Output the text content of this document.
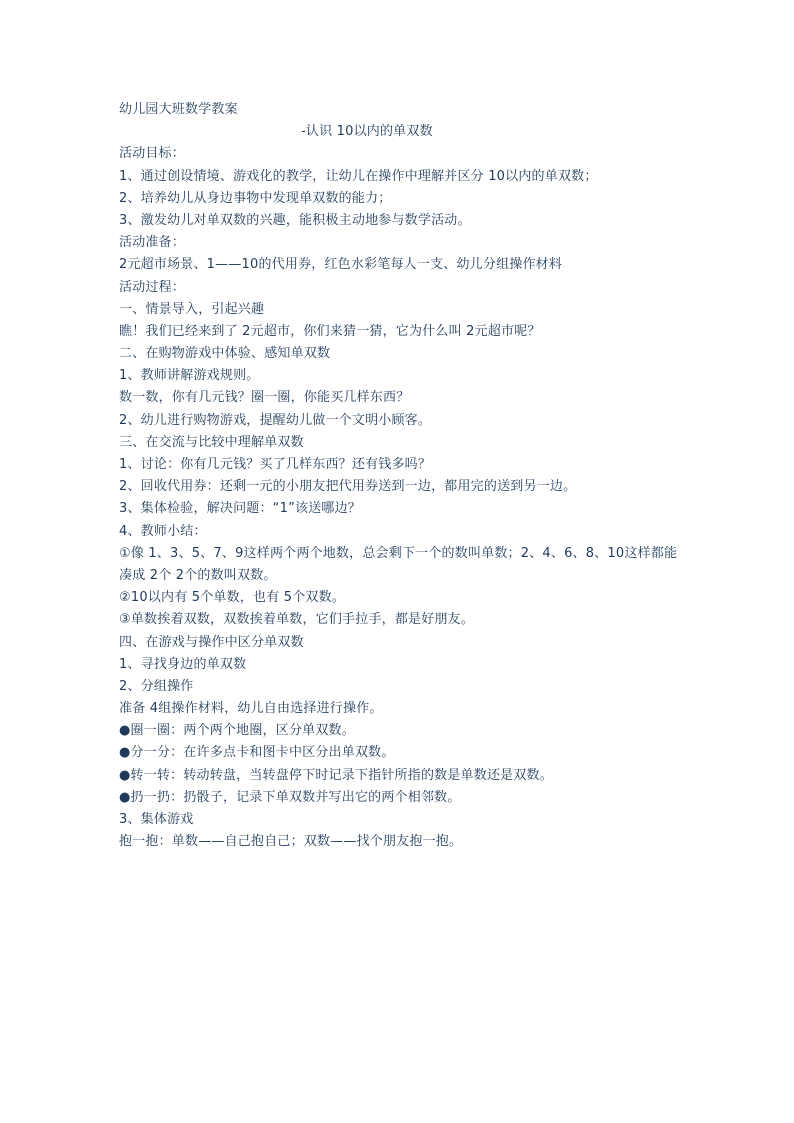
幼儿园大班数学教案
-认识 10以内的单双数
活动目标：
1、通过创设情境、游戏化的教学，让幼儿在操作中理解并区分 10以内的单双数；
2、培养幼儿从身边事物中发现单双数的能力；
3、激发幼儿对单双数的兴趣，能积极主动地参与数学活动。
活动准备：
2元超市场景、1——10的代用券，红色水彩笔每人一支、幼儿分组操作材料
活动过程：
一、情景导入，引起兴趣
瞧！我们已经来到了 2元超市，你们来猜一猜，它为什么叫 2元超市呢？
二、在购物游戏中体验、感知单双数
1、教师讲解游戏规则。
数一数，你有几元钱？圈一圈，你能买几样东西？
2、幼儿进行购物游戏，提醒幼儿做一个文明小顾客。
三、在交流与比较中理解单双数
1、讨论：你有几元钱？买了几样东西？还有钱多吗？
2、回收代用券：还剩一元的小朋友把代用券送到一边，都用完的送到另一边。
3、集体检验，解决问题：“1”该送哪边？
4、教师小结：
①像 1、3、5、7、9这样两个两个地数，总会剩下一个的数叫单数；2、4、6、8、10这样都能凑成 2个 2个的数叫双数。
②10以内有 5个单数，也有 5个双数。
③单数挨着双数，双数挨着单数，它们手拉手，都是好朋友。
四、在游戏与操作中区分单双数
1、寻找身边的单双数
2、分组操作
准备 4组操作材料，幼儿自由选择进行操作。
●圈一圈：两个两个地圈，区分单双数。
●分一分：在许多点卡和图卡中区分出单双数。
●转一转：转动转盘，当转盘停下时记录下指针所指的数是单数还是双数。
●扔一扔：扔骰子，记录下单双数并写出它的两个相邻数。
3、集体游戏
抱一抱：单数——自己抱自己；双数——找个朋友抱一抱。
